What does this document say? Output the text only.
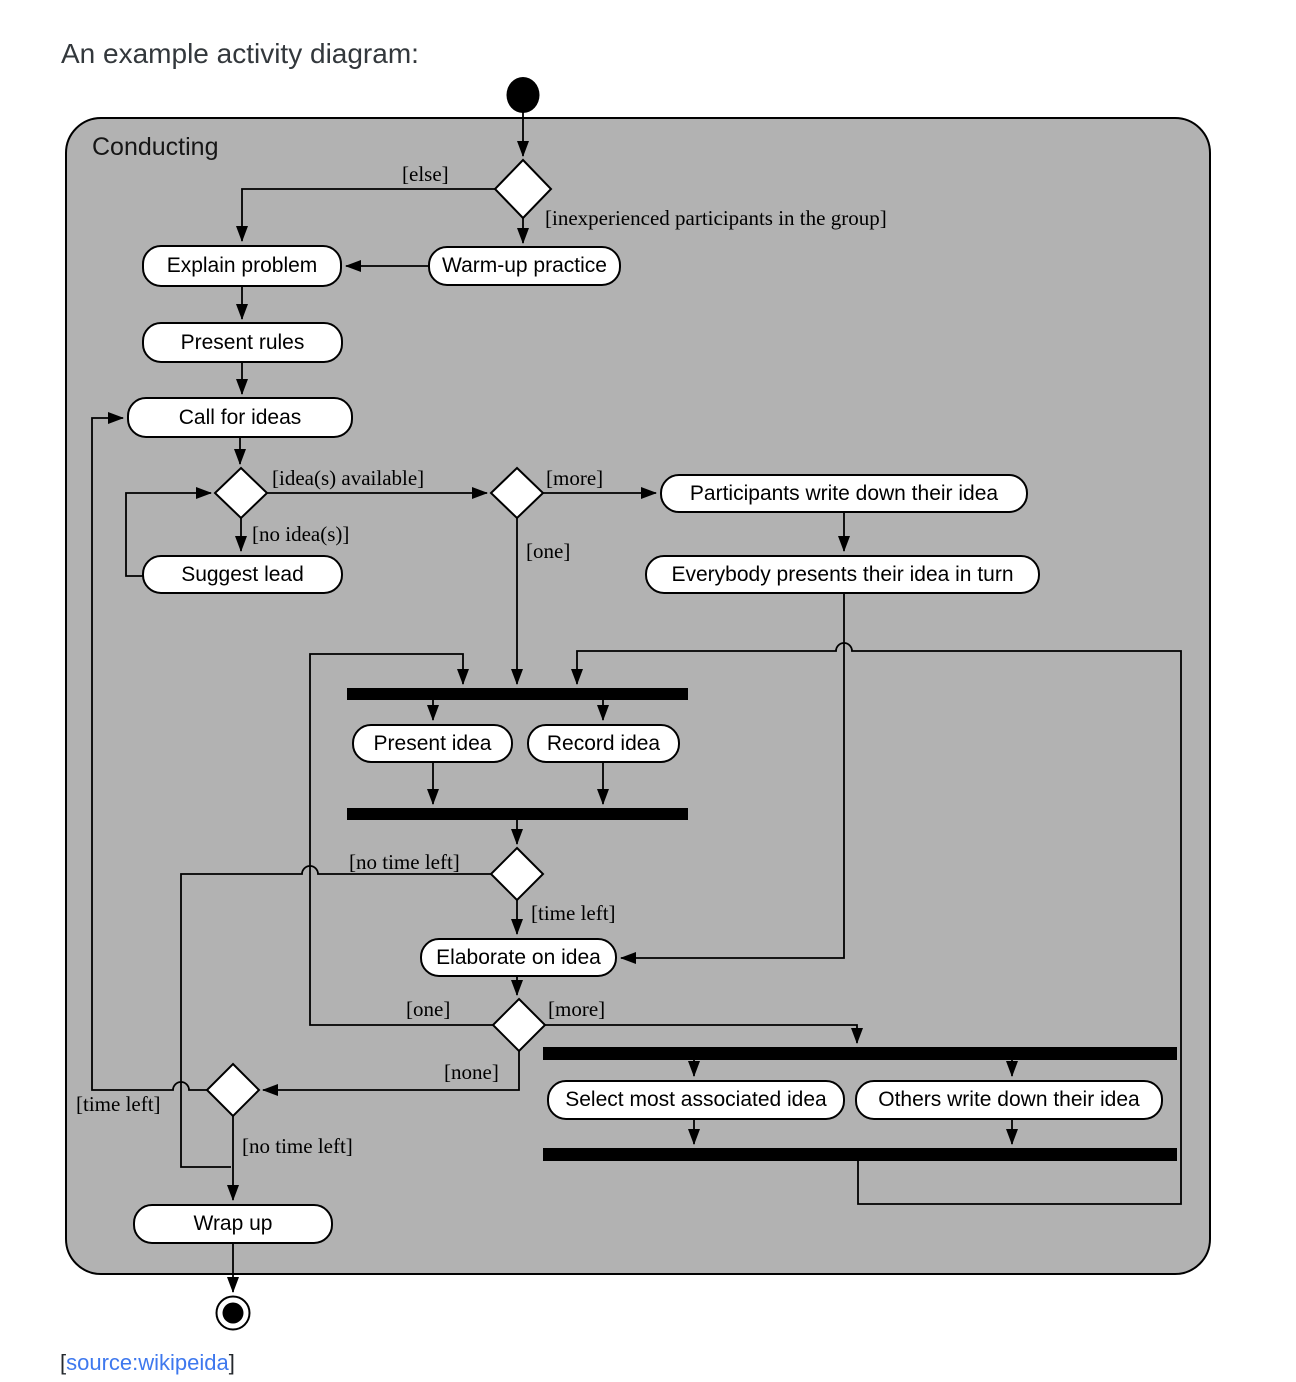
An example activity diagram:
Conducting
Explain problem	Warm-up practice
Present rules
Call for ideas
Suggest lead
Participants write down their idea
Everybody presents their idea in turn
Present idea	Record idea
Elaborate on idea
Select most associated idea	Others write down their idea
Wrap up
[else]
[inexperienced participants in the group]
[idea(s) available]
[no idea(s)]
[more]
[one]
[no time left]
[time left]
[one]	[more]
[none]
[time left]
[no time left]
[source:wikipeida]
